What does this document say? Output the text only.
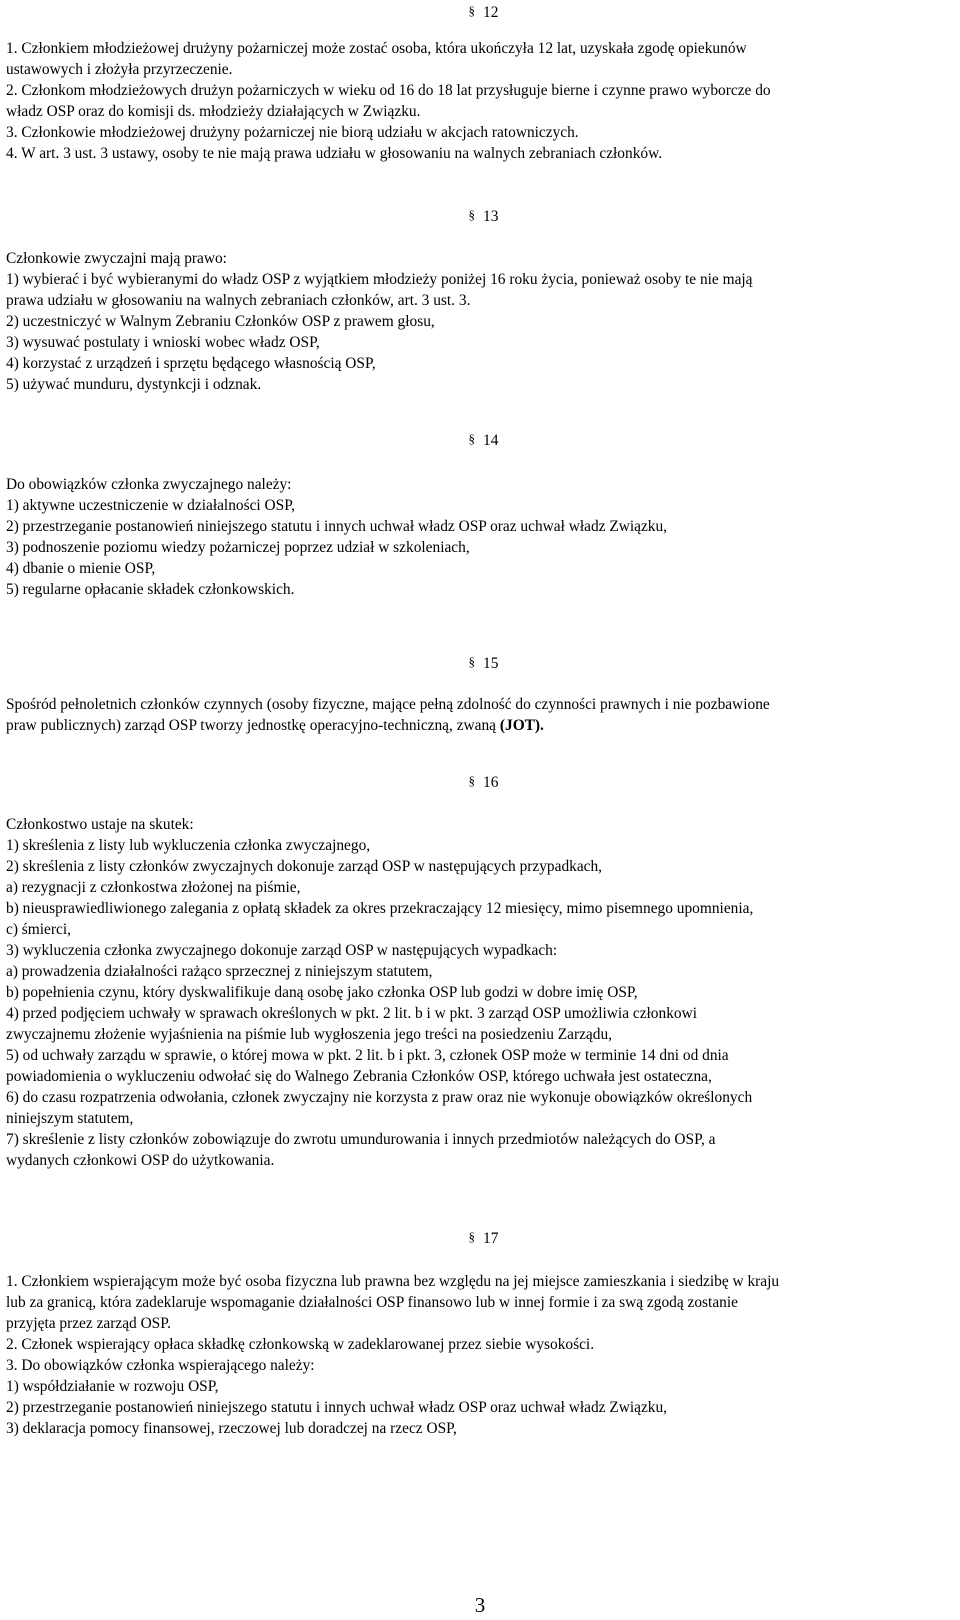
§ 12
1. Członkiem młodzieżowej drużyny pożarniczej może zostać osoba, która ukończyła 12 lat, uzyskała zgodę opiekunów
ustawowych i złożyła przyrzeczenie.
2. Członkom młodzieżowych drużyn pożarniczych w wieku od 16 do 18 lat przysługuje bierne i czynne prawo wyborcze do
władz OSP oraz do komisji ds. młodzieży działających w Związku.
3. Członkowie młodzieżowej drużyny pożarniczej nie biorą udziału w akcjach ratowniczych.
4. W art. 3 ust. 3 ustawy, osoby te nie mają prawa udziału w głosowaniu na walnych zebraniach członków.
§ 13
Członkowie zwyczajni mają prawo:
1) wybierać i być wybieranymi do władz OSP z wyjątkiem młodzieży poniżej 16 roku życia, ponieważ osoby te nie mają
prawa udziału w głosowaniu na walnych zebraniach członków, art. 3 ust. 3.
2) uczestniczyć w Walnym Zebraniu Członków OSP z prawem głosu,
3) wysuwać postulaty i wnioski wobec władz OSP,
4) korzystać z urządzeń i sprzętu będącego własnością OSP,
5) używać munduru, dystynkcji i odznak.
§ 14
Do obowiązków członka zwyczajnego należy:
1) aktywne uczestniczenie w działalności OSP,
2) przestrzeganie postanowień niniejszego statutu i innych uchwał władz OSP oraz uchwał władz Związku,
3) podnoszenie poziomu wiedzy pożarniczej poprzez udział w szkoleniach,
4) dbanie o mienie OSP,
5) regularne opłacanie składek członkowskich.
§ 15
Spośród pełnoletnich członków czynnych (osoby fizyczne, mające pełną zdolność do czynności prawnych i nie pozbawione
praw publicznych) zarząd OSP tworzy jednostkę operacyjno-techniczną, zwaną (JOT).
§ 16
Członkostwo ustaje na skutek:
1) skreślenia z listy lub wykluczenia członka zwyczajnego,
2) skreślenia z listy członków zwyczajnych dokonuje zarząd OSP w następujących przypadkach,
a) rezygnacji z członkostwa złożonej na piśmie,
b) nieusprawiedliwionego zalegania z opłatą składek za okres przekraczający 12 miesięcy, mimo pisemnego upomnienia,
c) śmierci,
3) wykluczenia członka zwyczajnego dokonuje zarząd OSP w następujących wypadkach:
a) prowadzenia działalności rażąco sprzecznej z niniejszym statutem,
b) popełnienia czynu, który dyskwalifikuje daną osobę jako członka OSP lub godzi w dobre imię OSP,
4) przed podjęciem uchwały w sprawach określonych w pkt. 2 lit. b i w pkt. 3 zarząd OSP umożliwia członkowi
zwyczajnemu złożenie wyjaśnienia na piśmie lub wygłoszenia jego treści na posiedzeniu Zarządu,
5) od uchwały zarządu w sprawie, o której mowa w pkt. 2 lit. b i pkt. 3, członek OSP może w terminie 14 dni od dnia
powiadomienia o wykluczeniu odwołać się do Walnego Zebrania Członków OSP, którego uchwała jest ostateczna,
6) do czasu rozpatrzenia odwołania, członek zwyczajny nie korzysta z praw oraz nie wykonuje obowiązków określonych
niniejszym statutem,
7) skreślenie z listy członków zobowiązuje do zwrotu umundurowania i innych przedmiotów należących do OSP, a
wydanych członkowi OSP do użytkowania.
§ 17
1. Członkiem wspierającym może być osoba fizyczna lub prawna bez względu na jej miejsce zamieszkania i siedzibę w kraju
lub za granicą, która zadeklaruje wspomaganie działalności OSP finansowo lub w innej formie i za swą zgodą zostanie
przyjęta przez zarząd OSP.
2. Członek wspierający opłaca składkę członkowską w zadeklarowanej przez siebie wysokości.
3. Do obowiązków członka wspierającego należy:
1) współdziałanie w rozwoju OSP,
2) przestrzeganie postanowień niniejszego statutu i innych uchwał władz OSP oraz uchwał władz Związku,
3) deklaracja pomocy finansowej, rzeczowej lub doradczej na rzecz OSP,
3
